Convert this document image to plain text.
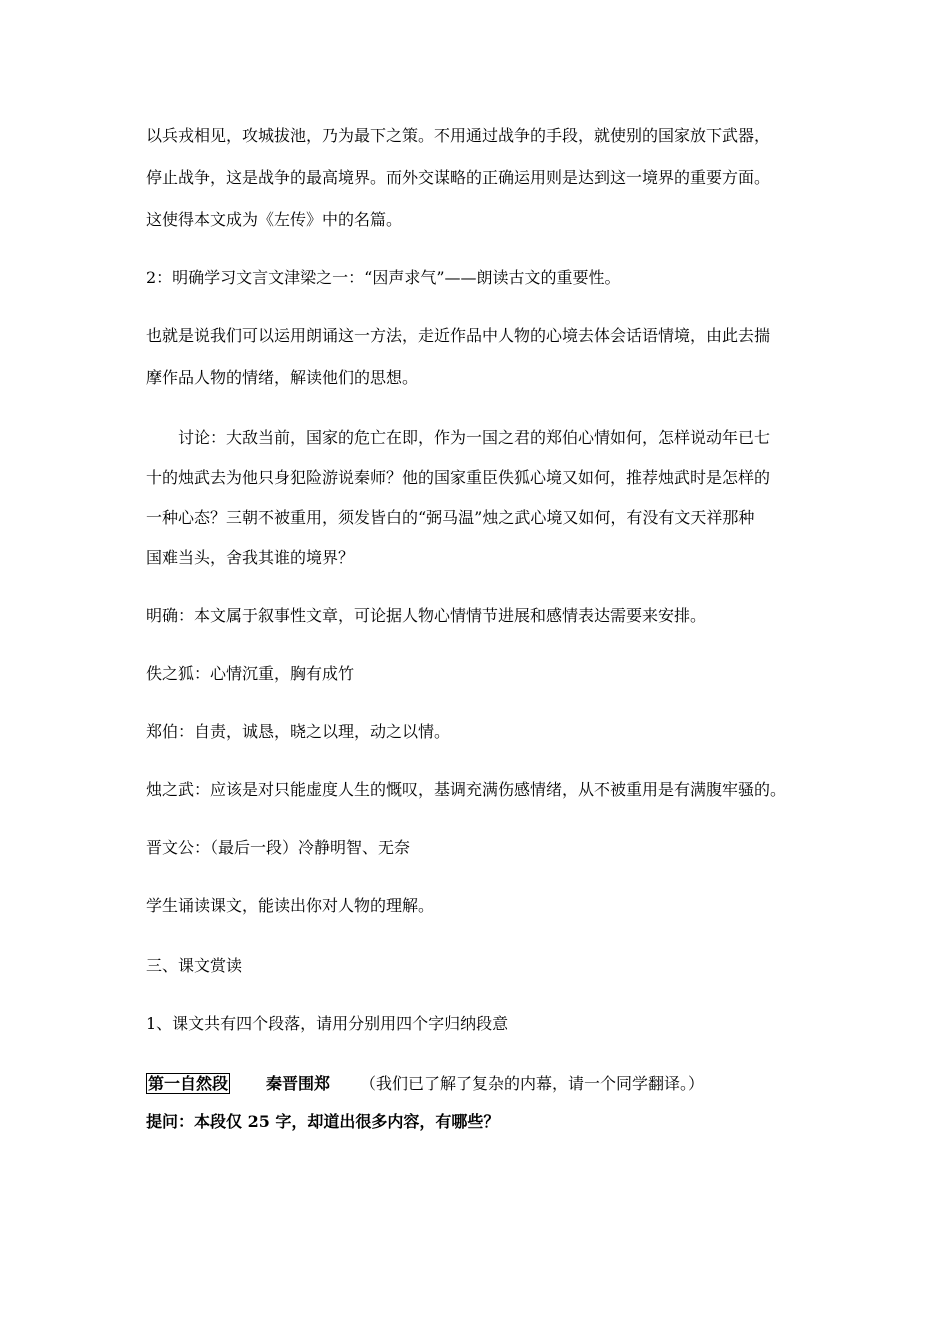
以兵戎相见，攻城拔池，乃为最下之策。不用通过战争的手段，就使别的国家放下武器，
停止战争，这是战争的最高境界。而外交谋略的正确运用则是达到这一境界的重要方面。
这使得本文成为《左传》中的名篇。
2：明确学习文言文津梁之一：“因声求气”——朗读古文的重要性。
也就是说我们可以运用朗诵这一方法，走近作品中人物的心境去体会话语情境，由此去揣
摩作品人物的情绪，解读他们的思想。
讨论：大敌当前，国家的危亡在即，作为一国之君的郑伯心情如何，怎样说动年已七
十的烛武去为他只身犯险游说秦师？他的国家重臣佚狐心境又如何，推荐烛武时是怎样的
一种心态？三朝不被重用，须发皆白的“弼马温”烛之武心境又如何，有没有文天祥那种
国难当头，舍我其谁的境界？
明确：本文属于叙事性文章，可论据人物心情情节进展和感情表达需要来安排。
佚之狐：心情沉重，胸有成竹
郑伯：自责，诚恳，晓之以理，动之以情。
烛之武：应该是对只能虚度人生的慨叹，基调充满伤感情绪，从不被重用是有满腹牢骚的。
晋文公：（最后一段）冷静明智、无奈
学生诵读课文，能读出你对人物的理解。
三、课文赏读
1、课文共有四个段落，请用分别用四个字归纳段意
第一自然段 秦晋围郑 （我们已了解了复杂的内幕，请一个同学翻译。）
提问：本段仅 25 字，却道出很多内容，有哪些？
